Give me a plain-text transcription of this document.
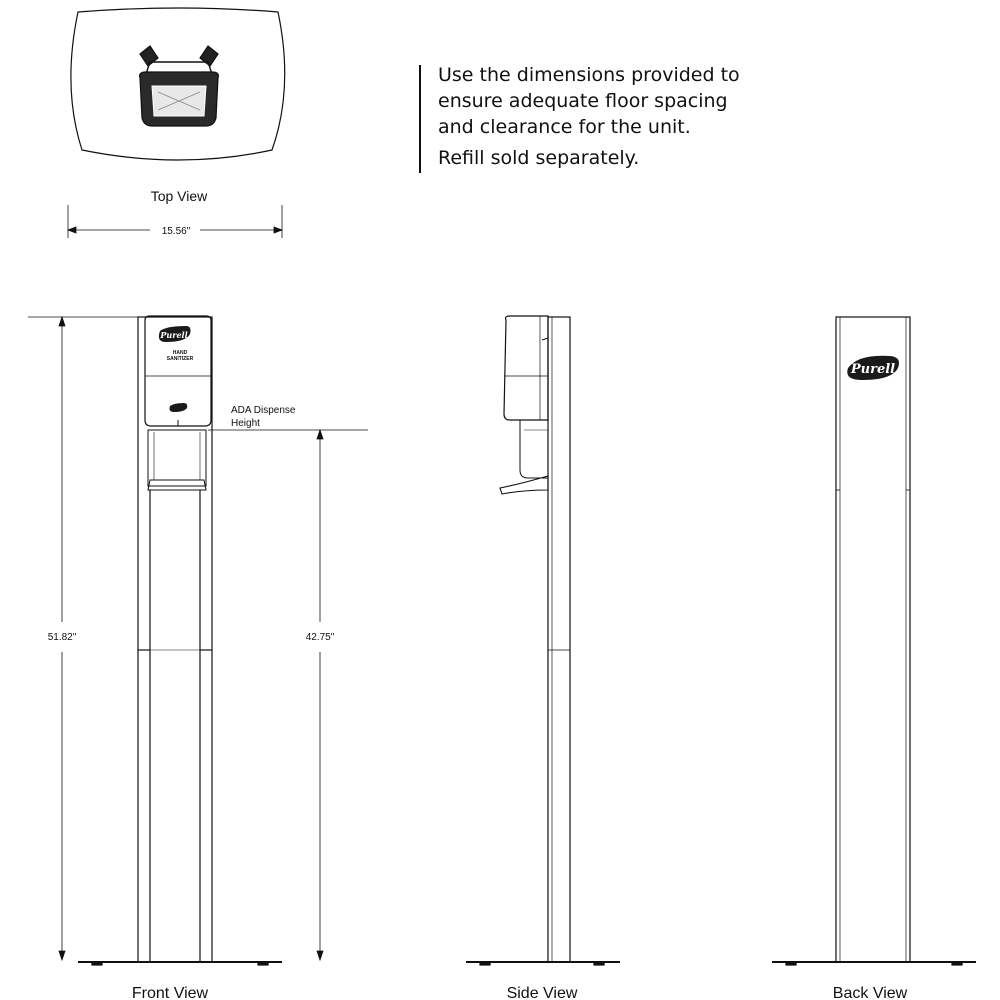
Use the dimensions provided to
ensure adequate floor spacing
and clearance for the unit.
Refill sold separately.
Top View
15.56"
Purell
HAND
SANITIZER
51.82"	42.75"
ADA Dispense
Height
Front View	Side View
Purell
Back View
